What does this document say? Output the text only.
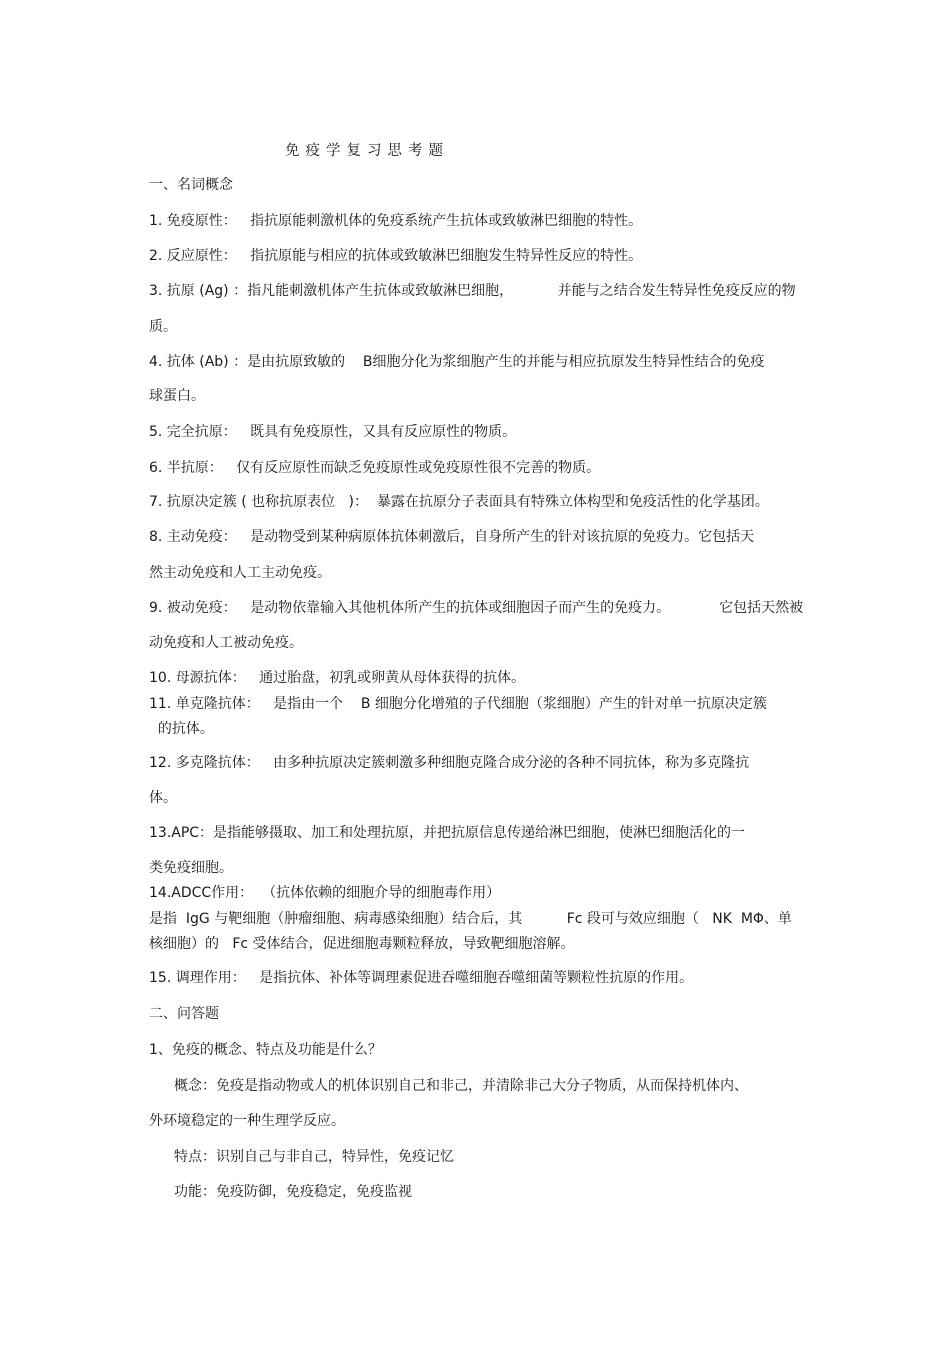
免疫学复习思考题
一、名词概念
1. 免疫原性：   指抗原能刺激机体的免疫系统产生抗体或致敏淋巴细胞的特性。
2. 反应原性：   指抗原能与相应的抗体或致敏淋巴细胞发生特异性反应的特性。
3. 抗原 (Ag) ：指凡能刺激机体产生抗体或致敏淋巴细胞，          并能与之结合发生特异性免疫反应的物
质。
4. 抗体 (Ab) ：是由抗原致敏的    B细胞分化为浆细胞产生的并能与相应抗原发生特异性结合的免疫
球蛋白。
5. 完全抗原：   既具有免疫原性，又具有反应原性的物质。
6. 半抗原：   仅有反应原性而缺乏免疫原性或免疫原性很不完善的物质。
7. 抗原决定簇 ( 也称抗原表位   )：  暴露在抗原分子表面具有特殊立体构型和免疫活性的化学基团。
8. 主动免疫：   是动物受到某种病原体抗体刺激后，自身所产生的针对该抗原的免疫力。它包括天
然主动免疫和人工主动免疫。
9. 被动免疫：   是动物依靠输入其他机体所产生的抗体或细胞因子而产生的免疫力。           它包括天然被
动免疫和人工被动免疫。
10. 母源抗体：   通过胎盘，初乳或卵黄从母体获得的抗体。
11. 单克隆抗体：   是指由一个    B 细胞分化增殖的子代细胞（浆细胞）产生的针对单一抗原决定簇
的抗体。
12. 多克隆抗体：   由多种抗原决定簇刺激多种细胞克隆合成分泌的各种不同抗体，称为多克隆抗
体。
13.APC：是指能够摄取、加工和处理抗原，并把抗原信息传递给淋巴细胞，使淋巴细胞活化的一
类免疫细胞。
14.ADCC作用：  （抗体依赖的细胞介导的细胞毒作用）
是指  IgG 与靶细胞（肿瘤细胞、病毒感染细胞）结合后，其          Fc 段可与效应细胞（   NK  MΦ、单
核细胞）的   Fc 受体结合，促进细胞毒颗粒释放，导致靶细胞溶解。
15. 调理作用：   是指抗体、补体等调理素促进吞噬细胞吞噬细菌等颗粒性抗原的作用。
二、问答题
1、免疫的概念、特点及功能是什么？
概念：免疫是指动物或人的机体识别自己和非己，并清除非己大分子物质，从而保持机体内、
外环境稳定的一种生理学反应。
特点：识别自己与非自己，特异性，免疫记忆
功能：免疫防御，免疫稳定，免疫监视
